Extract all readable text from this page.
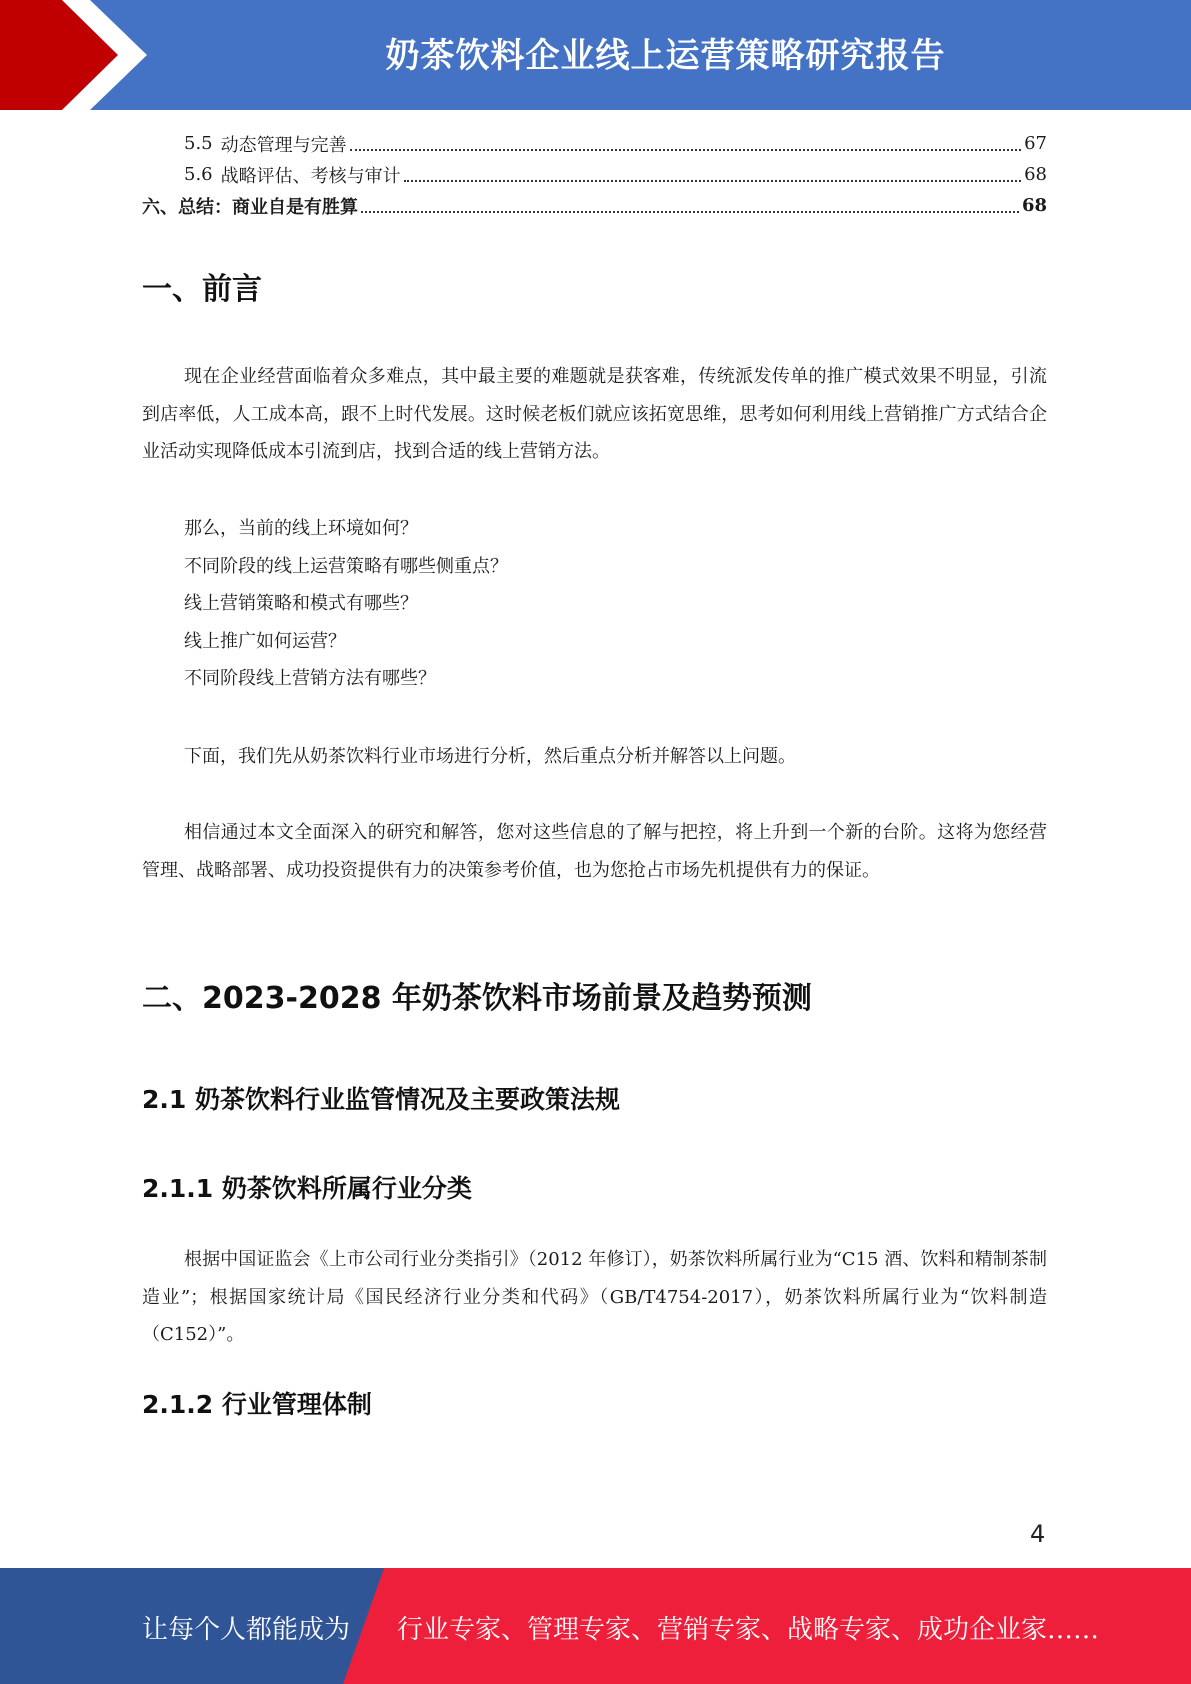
奶茶饮料企业线上运营策略研究报告
5.5 动态管理与完善	67
5.6 战略评估、考核与审计	68
六、总结：商业自是有胜算	68
一、前言

现在企业经营面临着众多难点，其中最主要的难题就是获客难，传统派发传单的推广模式效果不明显，引流到店率低，人工成本高，跟不上时代发展。这时候老板们就应该拓宽思维，思考如何利用线上营销推广方式结合企业活动实现降低成本引流到店，找到合适的线上营销方法。

那么，当前的线上环境如何？
不同阶段的线上运营策略有哪些侧重点？
线上营销策略和模式有哪些？
线上推广如何运营？
不同阶段线上营销方法有哪些？

下面，我们先从奶茶饮料行业市场进行分析，然后重点分析并解答以上问题。

相信通过本文全面深入的研究和解答，您对这些信息的了解与把控，将上升到一个新的台阶。这将为您经营管理、战略部署、成功投资提供有力的决策参考价值，也为您抢占市场先机提供有力的保证。

二、2023-2028 年奶茶饮料市场前景及趋势预测
2.1 奶茶饮料行业监管情况及主要政策法规
2.1.1 奶茶饮料所属行业分类

根据中国证监会《上市公司行业分类指引》（2012 年修订），奶茶饮料所属行业为“C15 酒、饮料和精制茶制造业”；根据国家统计局《国民经济行业分类和代码》（GB/T4754-2017），奶茶饮料所属行业为“饮料制造（C152）”。

2.1.2 行业管理体制
4
让每个人都能成为 行业专家、管理专家、营销专家、战略专家、成功企业家……
